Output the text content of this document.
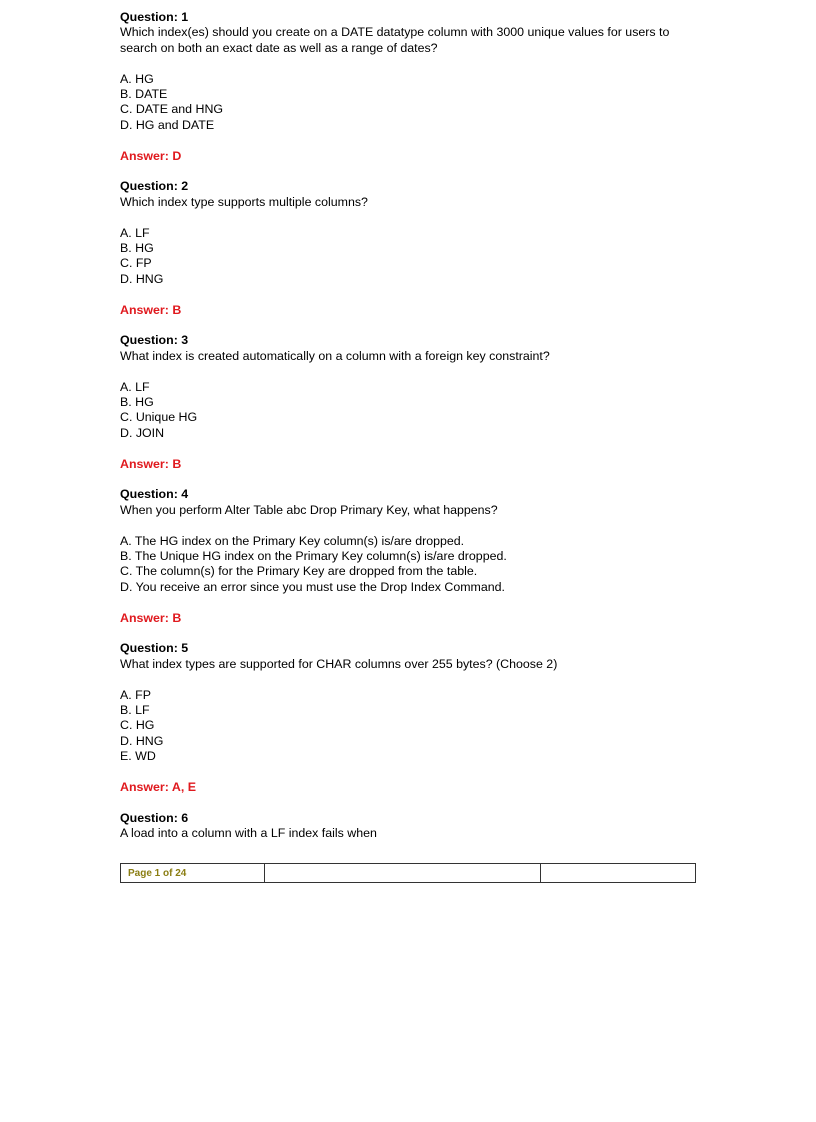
Question: 1
Which index(es) should you create on a DATE datatype column with 3000 unique values for users to search on both an exact date as well as a range of dates?
A. HG
B. DATE
C. DATE and HNG
D. HG and DATE
Answer: D
Question: 2
Which index type supports multiple columns?
A. LF
B. HG
C. FP
D. HNG
Answer: B
Question: 3
What index is created automatically on a column with a foreign key constraint?
A. LF
B. HG
C. Unique HG
D. JOIN
Answer: B
Question: 4
When you perform Alter Table abc Drop Primary Key, what happens?
A. The HG index on the Primary Key column(s) is/are dropped.
B. The Unique HG index on the Primary Key column(s) is/are dropped.
C. The column(s) for the Primary Key are dropped from the table.
D. You receive an error since you must use the Drop Index Command.
Answer: B
Question: 5
What index types are supported for CHAR columns over 255 bytes? (Choose 2)
A. FP
B. LF
C. HG
D. HNG
E. WD
Answer: A, E
Question: 6
A load into a column with a LF index fails when
Page 1 of 24
